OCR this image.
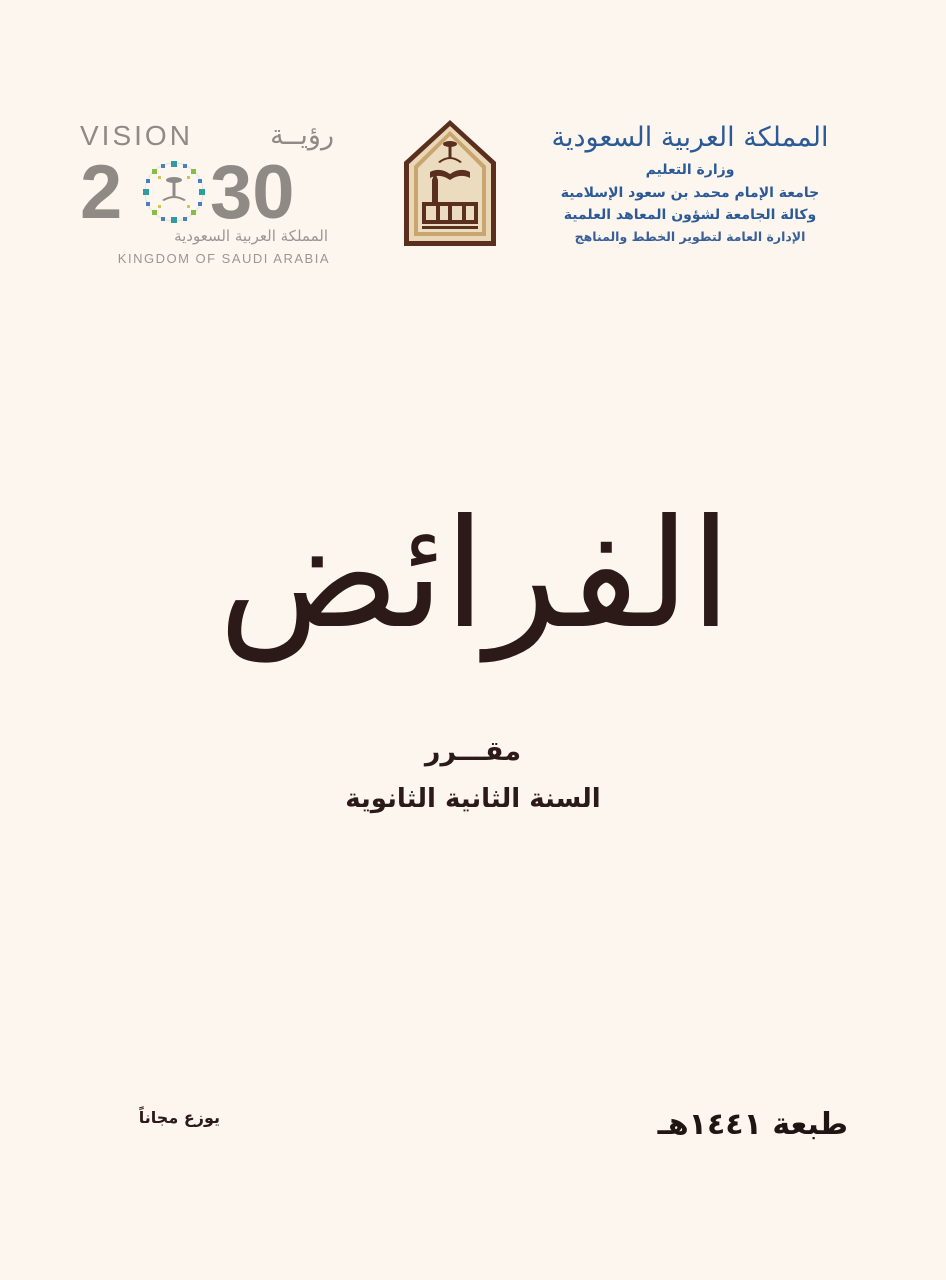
المملكة العربية السعودية

وزارة التعليم

جامعة الإمام محمد بن سعود الإسلامية

وكالة الجامعة لشؤون المعاهد العلمية

الإدارة العامة لتطوير الخطط والمناهج

VISION	رؤيــة
2 30
المملكة العربية السعودية
KINGDOM OF SAUDI ARABIA
الفرائض
مقـــرر
السنة الثانية الثانوية
طبعة ١٤٤١هـ
يوزع مجاناً
